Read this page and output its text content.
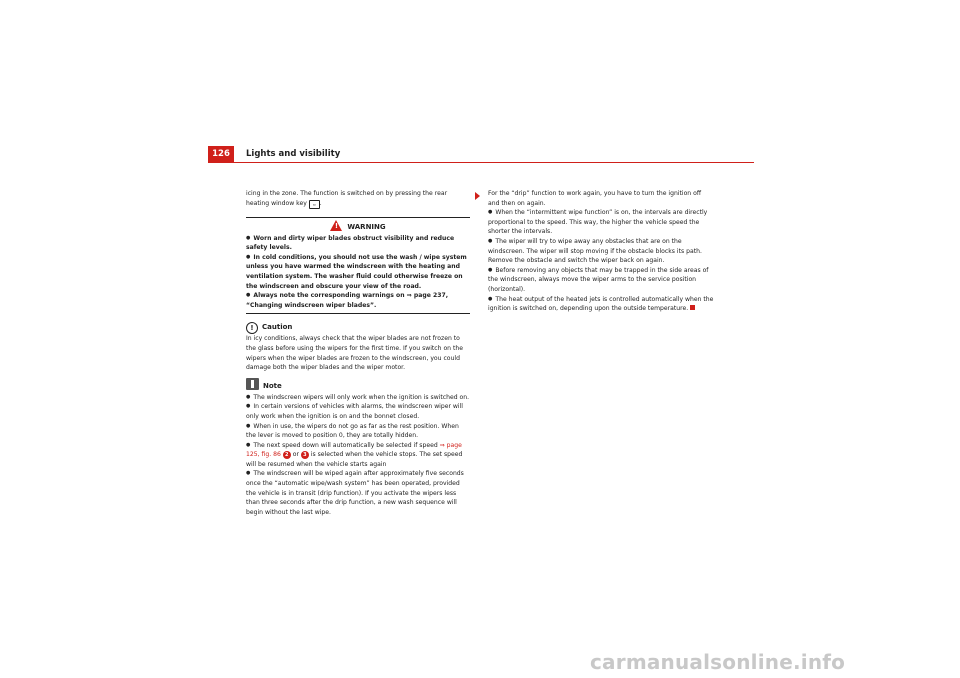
126	Lights and visibility

icing in the zone. The function is switched on by pressing the rear heating window key ≈ .

!WARNING

● Worn and dirty wiper blades obstruct visibility and reduce safety levels.

● In cold conditions, you should not use the wash / wipe system unless you have warmed the windscreen with the heating and ventilation system. The washer fluid could otherwise freeze on the windscreen and obscure your view of the road.

● Always note the corresponding warnings on ⇒ page 237, “Changing windscreen wiper blades”.

! Caution

In icy conditions, always check that the wiper blades are not frozen to the glass before using the wipers for the first time. If you switch on the wipers when the wiper blades are frozen to the windscreen, you could damage both the wiper blades and the wiper motor.

Note

● The windscreen wipers will only work when the ignition is switched on.

● In certain versions of vehicles with alarms, the windscreen wiper will only work when the ignition is on and the bonnet closed.

● When in use, the wipers do not go as far as the rest position. When the lever is moved to position 0, they are totally hidden.

● The next speed down will automatically be selected if speed ⇒ page 125, fig. 86 2 or 3 is selected when the vehicle stops. The set speed will be resumed when the vehicle starts again

● The windscreen will be wiped again after approximately five seconds once the “automatic wipe/wash system” has been operated, provided the vehicle is in transit (drip function). If you activate the wipers less than three seconds after the drip function, a new wash sequence will begin without the last wipe.

For the “drip” function to work again, you have to turn the ignition off and then on again.

● When the “intermittent wipe function” is on, the intervals are directly proportional to the speed. This way, the higher the vehicle speed the shorter the intervals.

● The wiper will try to wipe away any obstacles that are on the windscreen. The wiper will stop moving if the obstacle blocks its path. Remove the obstacle and switch the wiper back on again.

● Before removing any objects that may be trapped in the side areas of the windscreen, always move the wiper arms to the service position (horizontal).

● The heat output of the heated jets is controlled automatically when the ignition is switched on, depending upon the outside temperature.

carmanualsonline.info
